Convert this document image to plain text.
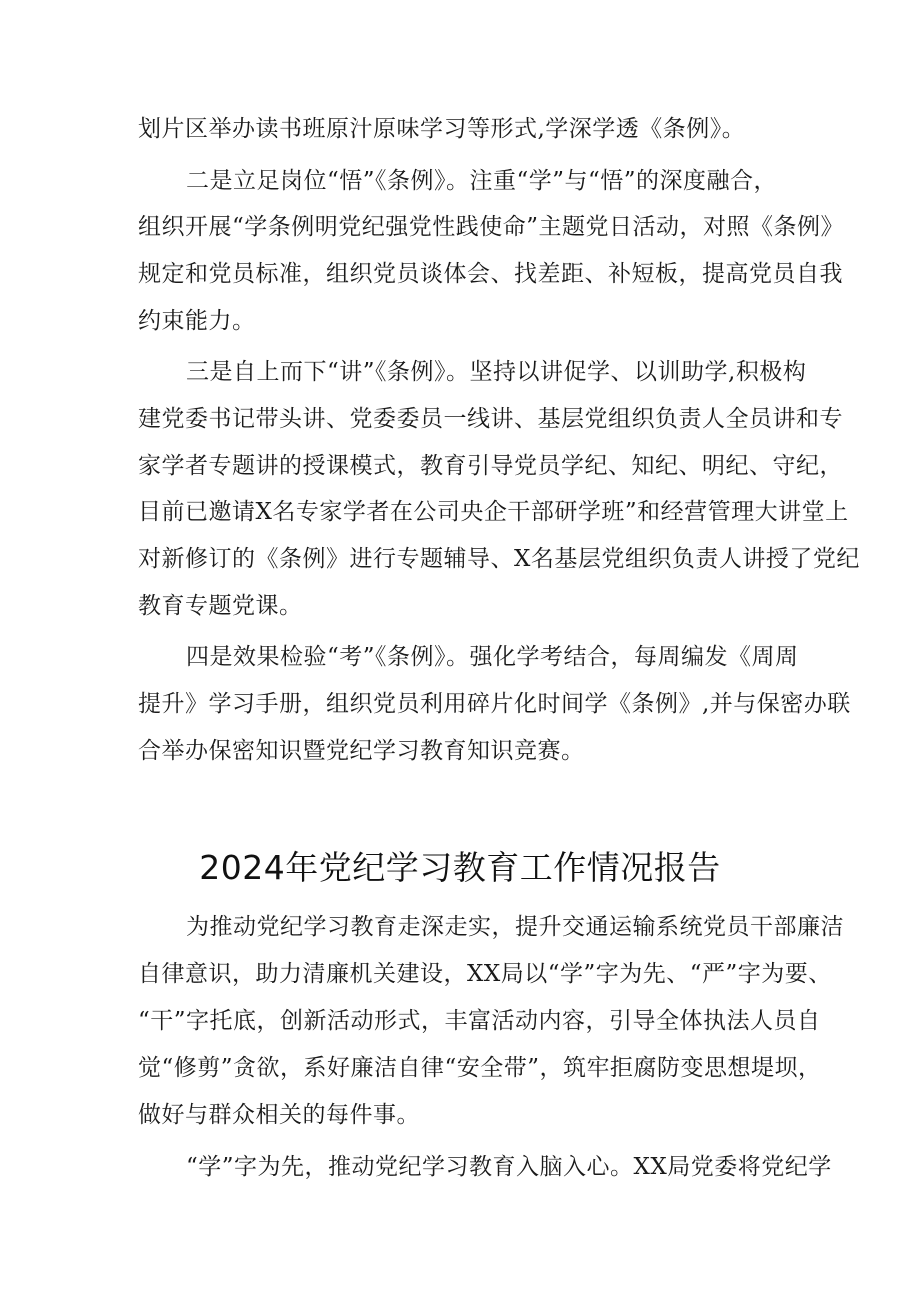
划片区举办读书班原汁原味学习等形式,学深学透《条例》。
二是立足岗位“悟”《条例》。注重“学”与“悟”的深度融合，
组织开展“学条例明党纪强党性践使命”主题党日活动，对照《条例》
规定和党员标准，组织党员谈体会、找差距、补短板，提高党员自我
约束能力。
三是自上而下“讲”《条例》。坚持以讲促学、以训助学,积极构
建党委书记带头讲、党委委员一线讲、基层党组织负责人全员讲和专
家学者专题讲的授课模式，教育引导党员学纪、知纪、明纪、守纪，
目前已邀请X名专家学者在公司央企干部研学班”和经营管理大讲堂上
对新修订的《条例》进行专题辅导、X名基层党组织负责人讲授了党纪
教育专题党课。
四是效果检验“考”《条例》。强化学考结合，每周编发《周周
提升》学习手册，组织党员利用碎片化时间学《条例》,并与保密办联
合举办保密知识暨党纪学习教育知识竞赛。
2024年党纪学习教育工作情况报告
为推动党纪学习教育走深走实，提升交通运输系统党员干部廉洁
自律意识，助力清廉机关建设，XX局以“学”字为先、“严”字为要、
“干”字托底，创新活动形式，丰富活动内容，引导全体执法人员自
觉“修剪”贪欲，系好廉洁自律“安全带”，筑牢拒腐防变思想堤坝，
做好与群众相关的每件事。
“学”字为先，推动党纪学习教育入脑入心。XX局党委将党纪学
